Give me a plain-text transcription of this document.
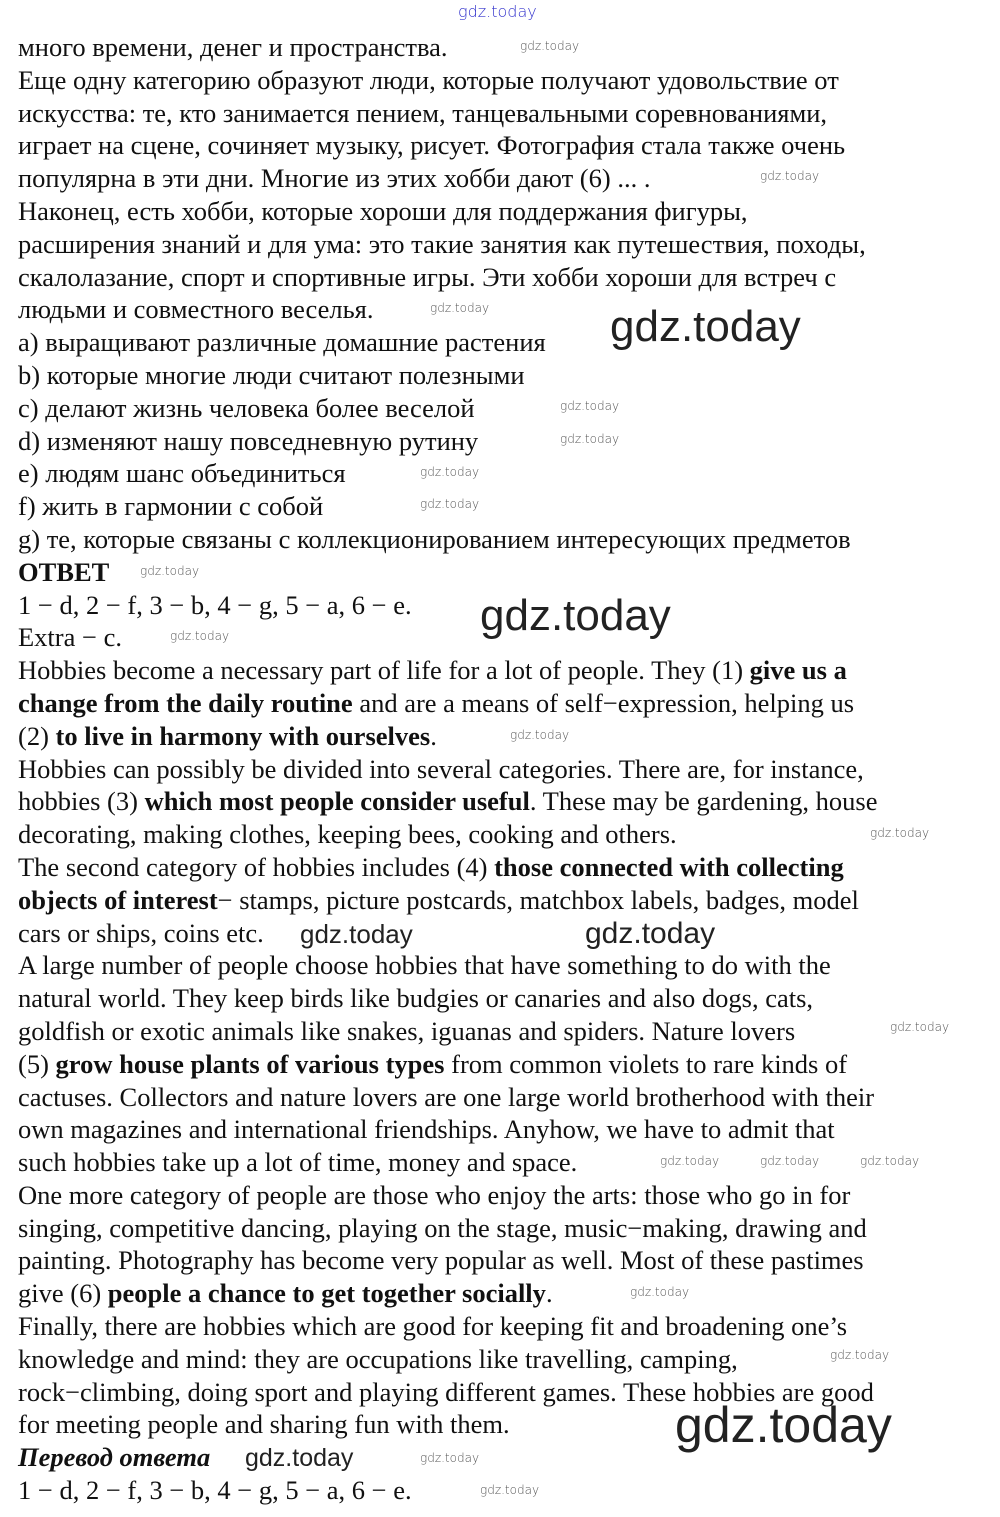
много времени, денег и пространства.
Еще одну категорию образуют люди, которые получают удовольствие от
искусства: те, кто занимается пением, танцевальными соревнованиями,
играет на сцене, сочиняет музыку, рисует. Фотография стала также очень
популярна в эти дни. Многие из этих хобби дают (6) ... .
Наконец, есть хобби, которые хороши для поддержания фигуры,
расширения знаний и для ума: это такие занятия как путешествия, походы,
скалолазание, спорт и спортивные игры. Эти хобби хороши для встреч с
людьми и совместного веселья.
a) выращивают различные домашние растения
b) которые многие люди считают полезными
c) делают жизнь человека более веселой
d) изменяют нашу повседневную рутину
e) людям шанс объединиться
f) жить в гармонии с собой
g) те, которые связаны с коллекционированием интересующих предметов
ОТВЕТ
1 − d, 2 − f, 3 − b, 4 − g, 5 − a, 6 − e.
Extra − c.
Hobbies become a necessary part of life for a lot of people. They (1) give us a
change from the daily routine and are a means of self−expression, helping us
(2) to live in harmony with ourselves.
Hobbies can possibly be divided into several categories. There are, for instance,
hobbies (3) which most people consider useful. These may be gardening, house
decorating, making clothes, keeping bees, cooking and others.
The second category of hobbies includes (4) those connected with collecting
objects of interest− stamps, picture postcards, matchbox labels, badges, model
cars or ships, coins etc.
A large number of people choose hobbies that have something to do with the
natural world. They keep birds like budgies or canaries and also dogs, cats,
goldfish or exotic animals like snakes, iguanas and spiders. Nature lovers
(5) grow house plants of various types from common violets to rare kinds of
cactuses. Collectors and nature lovers are one large world brotherhood with their
own magazines and international friendships. Anyhow, we have to admit that
such hobbies take up a lot of time, money and space.
One more category of people are those who enjoy the arts: those who go in for
singing, competitive dancing, playing on the stage, music−making, drawing and
painting. Photography has become very popular as well. Most of these pastimes
give (6) people a chance to get together socially.
Finally, there are hobbies which are good for keeping fit and broadening one’s
knowledge and mind: they are occupations like travelling, camping,
rock−climbing, doing sport and playing different games. These hobbies are good
for meeting people and sharing fun with them.
Перевод ответа
1 − d, 2 − f, 3 − b, 4 − g, 5 − a, 6 − e.
gdz.today
gdz.today
gdz.today
gdz.today
gdz.today
gdz.today
gdz.today
gdz.today
gdz.today
gdz.today
gdz.today
gdz.today
gdz.today
gdz.today	gdz.today	gdz.today
gdz.today
gdz.today
gdz.today
gdz.today
gdz.today
gdz.today
gdz.today	gdz.today
gdz.today
gdz.today
